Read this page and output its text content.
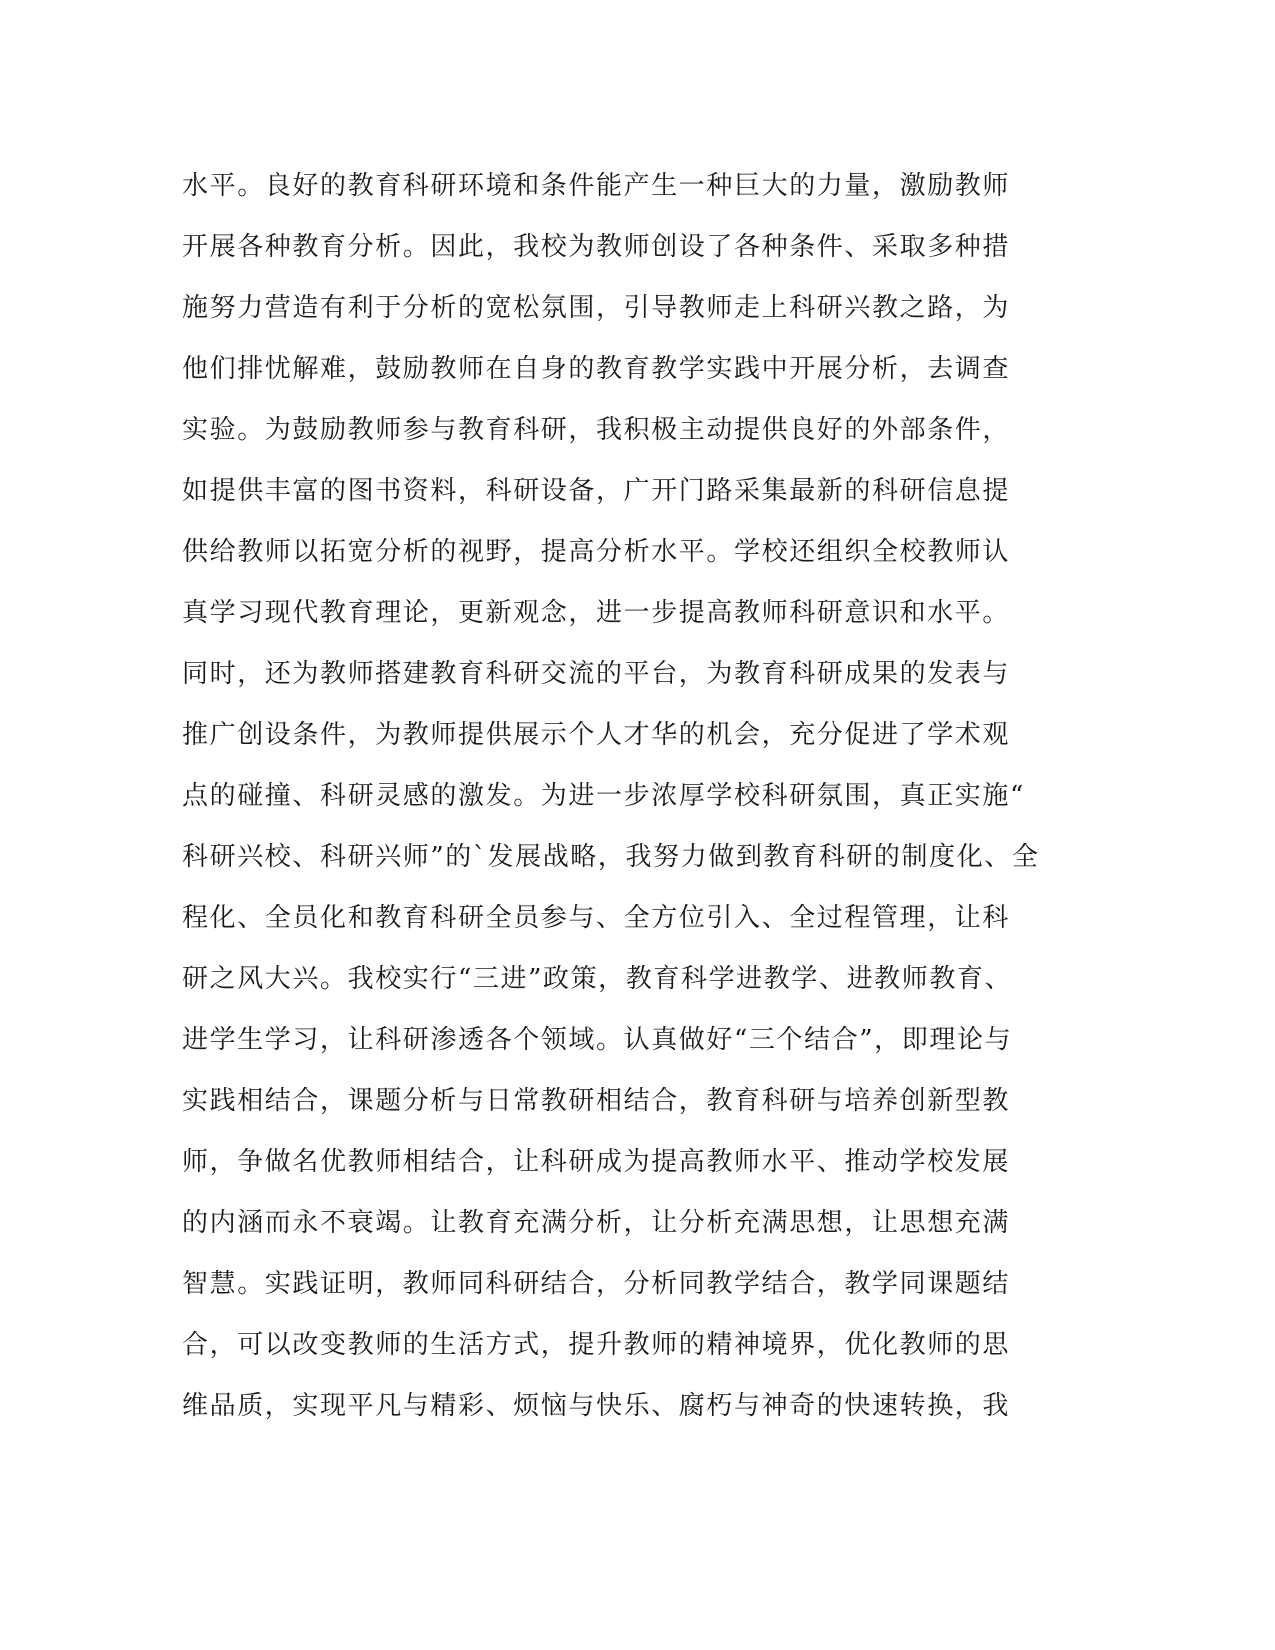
水平。良好的教育科研环境和条件能产生一种巨大的力量，激励教师
开展各种教育分析。因此，我校为教师创设了各种条件、采取多种措
施努力营造有利于分析的宽松氛围，引导教师走上科研兴教之路，为
他们排忧解难，鼓励教师在自身的教育教学实践中开展分析，去调查
实验。为鼓励教师参与教育科研，我积极主动提供良好的外部条件，
如提供丰富的图书资料，科研设备，广开门路采集最新的科研信息提
供给教师以拓宽分析的视野，提高分析水平。学校还组织全校教师认
真学习现代教育理论，更新观念，进一步提高教师科研意识和水平。
同时，还为教师搭建教育科研交流的平台，为教育科研成果的发表与
推广创设条件，为教师提供展示个人才华的机会，充分促进了学术观
点的碰撞、科研灵感的激发。为进一步浓厚学校科研氛围，真正实施“
科研兴校、科研兴师”的`发展战略，我努力做到教育科研的制度化、全
程化、全员化和教育科研全员参与、全方位引入、全过程管理，让科
研之风大兴。我校实行“三进”政策，教育科学进教学、进教师教育、
进学生学习，让科研渗透各个领域。认真做好“三个结合”，即理论与
实践相结合，课题分析与日常教研相结合，教育科研与培养创新型教
师，争做名优教师相结合，让科研成为提高教师水平、推动学校发展
的内涵而永不衰竭。让教育充满分析，让分析充满思想，让思想充满
智慧。实践证明，教师同科研结合，分析同教学结合，教学同课题结
合，可以改变教师的生活方式，提升教师的精神境界，优化教师的思
维品质，实现平凡与精彩、烦恼与快乐、腐朽与神奇的快速转换，我
